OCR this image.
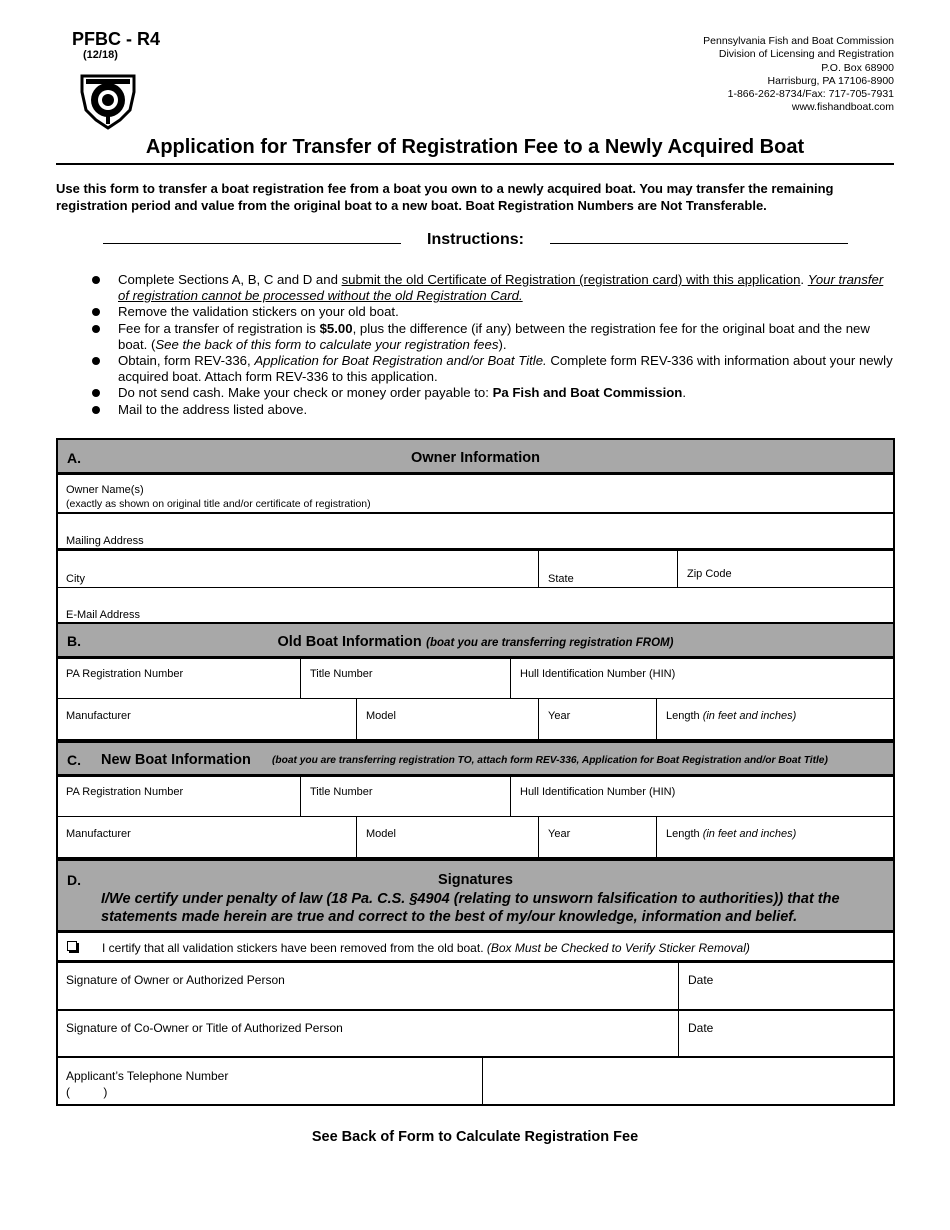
PFBC - R4
(12/18)
Pennsylvania Fish and Boat Commission
Division of Licensing and Registration
P.O. Box 68900
Harrisburg, PA 17106-8900
1-866-262-8734/Fax: 717-705-7931
www.fishandboat.com
Application for Transfer of Registration Fee to a Newly Acquired Boat
Use this form to transfer a boat registration fee from a boat you own to a newly acquired boat. You may transfer the remaining registration period and value from the original boat to a new boat. Boat Registration Numbers are Not Transferable.
Instructions:
Complete Sections A, B, C and D and submit the old Certificate of Registration (registration card) with this application. Your transfer of registration cannot be processed without the old Registration Card.
Remove the validation stickers on your old boat.
Fee for a transfer of registration is $5.00, plus the difference (if any) between the registration fee for the original boat and the new boat. (See the back of this form to calculate your registration fees).
Obtain, form REV-336, Application for Boat Registration and/or Boat Title. Complete form REV-336 with information about your newly acquired boat. Attach form REV-336 to this application.
Do not send cash. Make your check or money order payable to: Pa Fish and Boat Commission.
Mail to the address listed above.
A.	Owner Information
Owner Name(s)
(exactly as shown on original title and/or certificate of registration)
Mailing Address
City	State	Zip Code
E-Mail Address
B.	Old Boat Information (boat you are transferring registration FROM)
PA Registration Number	Title Number	Hull Identification Number (HIN)
Manufacturer	Model	Year	Length (in feet and inches)
C. New Boat Information (boat you are transferring registration TO, attach form REV-336, Application for Boat Registration and/or Boat Title)
PA Registration Number	Title Number	Hull Identification Number (HIN)
Manufacturer	Model	Year	Length (in feet and inches)
D.	Signatures
I/We certify under penalty of law (18 Pa. C.S. §4904 (relating to unsworn falsification to authorities)) that the statements made herein are true and correct to the best of my/our knowledge, information and belief.
I certify that all validation stickers have been removed from the old boat. (Box Must be Checked to Verify Sticker Removal)
Signature of Owner or Authorized Person	Date
Signature of Co-Owner or Title of Authorized Person	Date
Applicant’s Telephone Number
(          )
See Back of Form to Calculate Registration Fee
